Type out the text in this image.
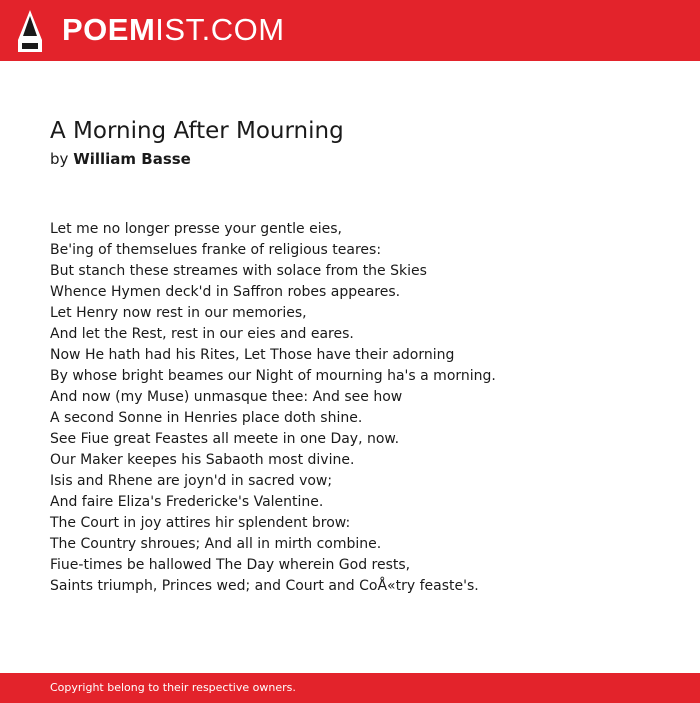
POEMIST.COM
A Morning After Mourning
by William Basse
Let me no longer presse your gentle eies,
Be'ing of themselues franke of religious teares:
But stanch these streames with solace from the Skies
Whence Hymen deck'd in Saffron robes appeares.
Let Henry now rest in our memories,
And let the Rest, rest in our eies and eares.
Now He hath had his Rites, Let Those have their adorning
By whose bright beames our Night of mourning ha's a morning.
And now (my Muse) unmasque thee: And see how
A second Sonne in Henries place doth shine.
See Fiue great Feastes all meete in one Day, now.
Our Maker keepes his Sabaoth most divine.
Isis and Rhene are joyn'd in sacred vow;
And faire Eliza's Fredericke's Valentine.
The Court in joy attires hir splendent brow:
The Country shroues; And all in mirth combine.
Fiue-times be hallowed The Day wherein God rests,
Saints triumph, Princes wed; and Court and CoÅ«try feaste's.
Copyright belong to their respective owners.
